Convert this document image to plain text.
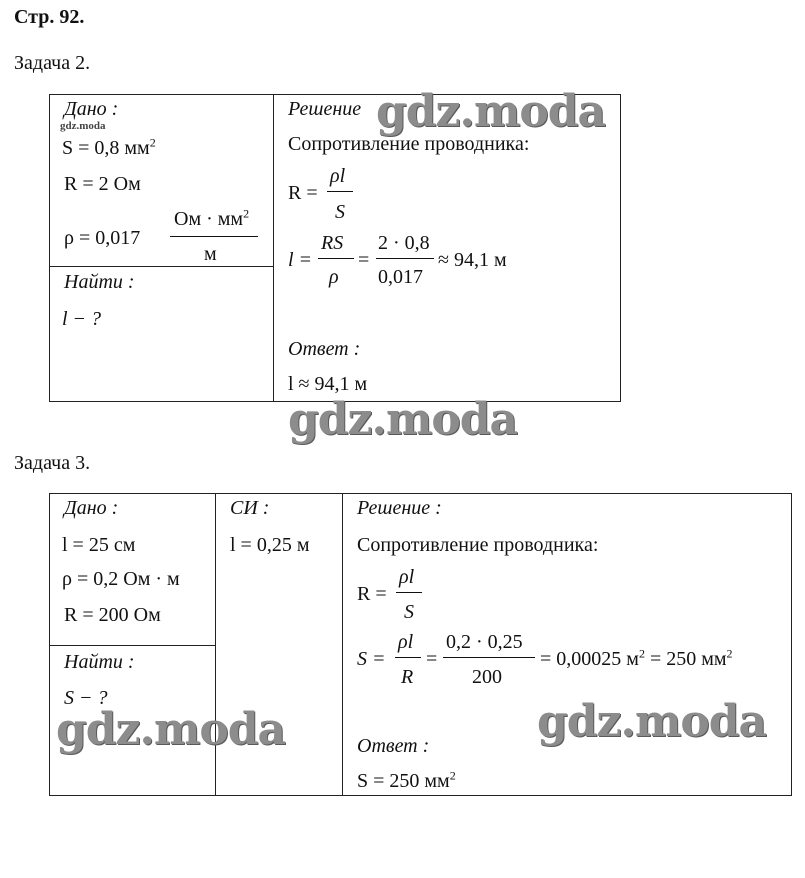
Стр. 92.
Задача 2.
Дано :
gdz.moda
S = 0,8 $мм^2$
R = 2 Ом
ρ = 0,017
Ом · $мм^2$
м
Найти :
l − ?
Решение
Сопротивление проводника:
R =
ρl
S
l =
RS
ρ
=
2 · 0,8
0,017
≈ 94,1 м
Ответ :
l ≈ 94,1 м
gdz.moda
gdz.moda
Задача 3.
Дано :
l = 25 см
ρ = 0,2 Ом · м
R = 200 Ом
СИ :
l = 0,25 м
Найти :
S − ?
Решение :
Сопротивление проводника:
R =
ρl
S
S =
ρl
R
=
0,2 · 0,25
200
= 0,00025 $м^2 = 250$ $мм^2$
Ответ :
S = 250 $мм^2$
gdz.moda	gdz.moda
